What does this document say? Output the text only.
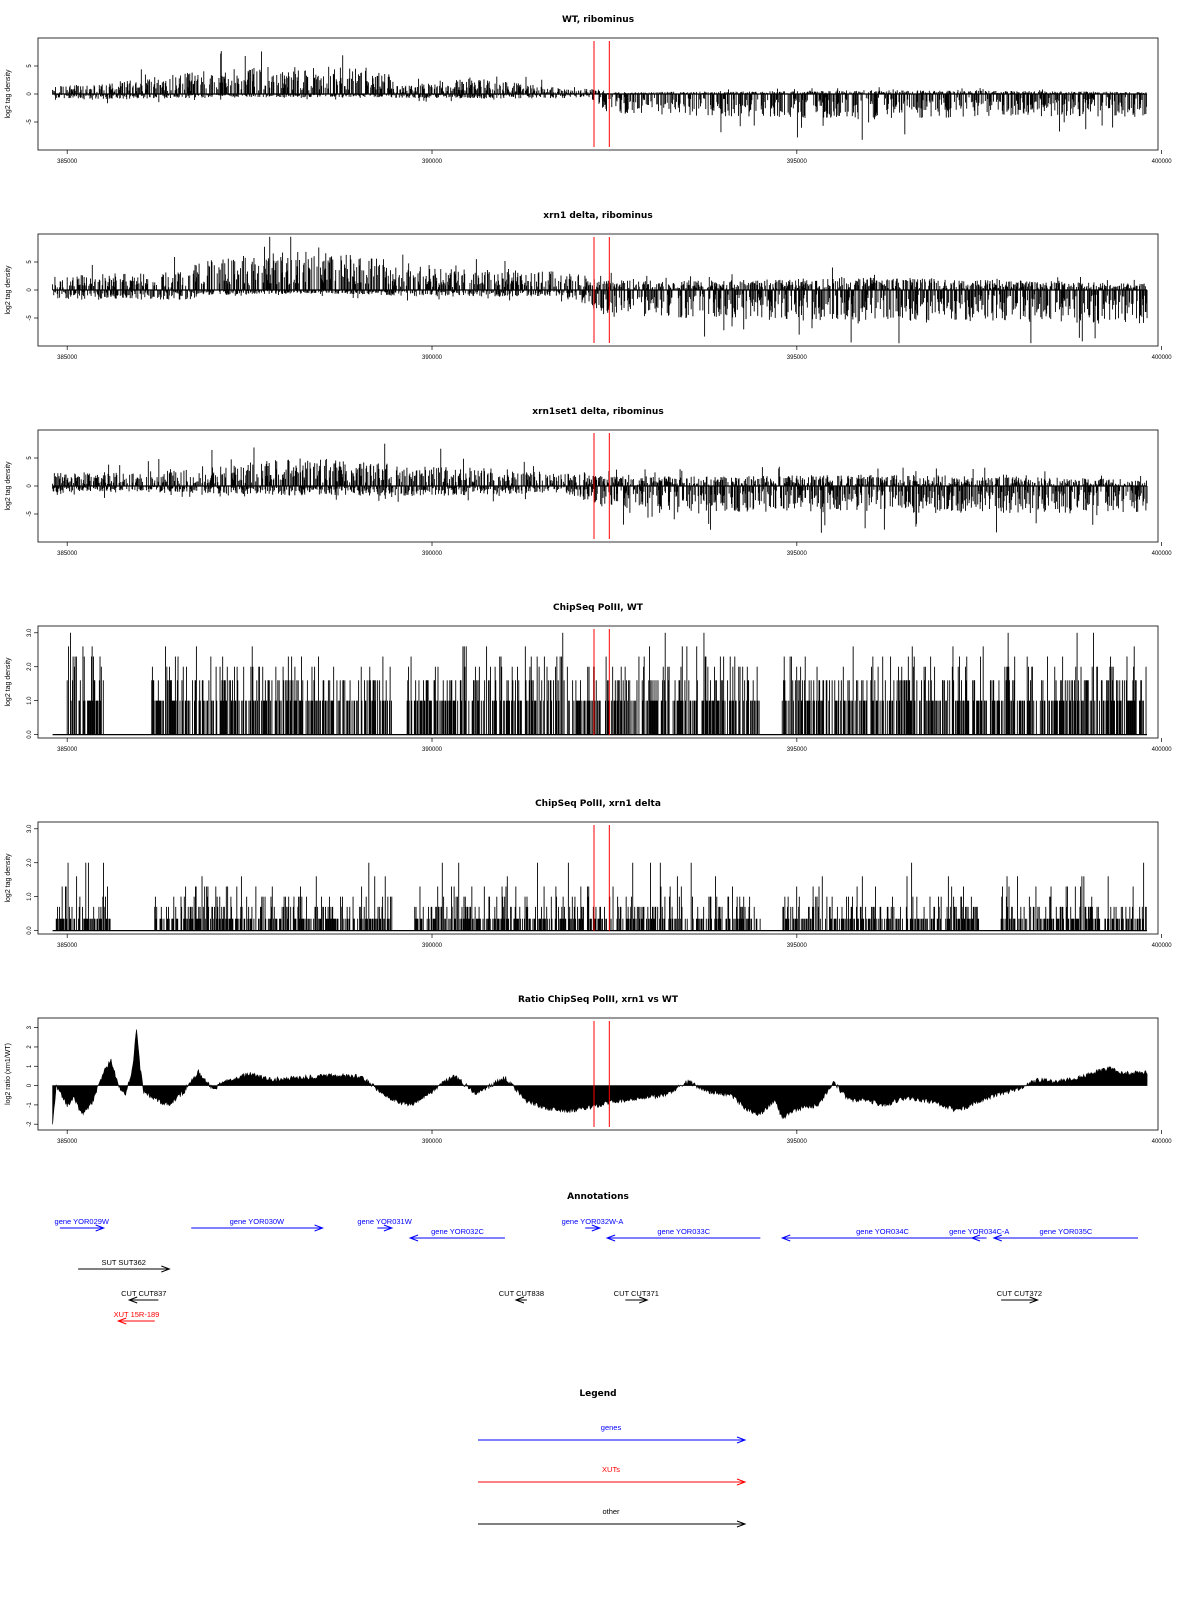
WT, ribominus
log2 tag density
-5
0
5
385000	390000	395000	400000
xrn1 delta, ribominus
log2 tag density
-5
0
5
385000	390000	395000	400000
xrn1set1 delta, ribominus
log2 tag density
-5
0
5
385000	390000	395000	400000
ChipSeq PolII, WT
log2 tag density
0.0
1.0
2.0
3.0
385000	390000	395000	400000
ChipSeq PolII, xrn1 delta
log2 tag density
0.0
1.0
2.0
3.0
385000	390000	395000	400000
Ratio ChipSeq PolII, xrn1 vs WT
log2 ratio (xrn1/WT)
-2
-1
0
1
2
3
385000	390000	395000	400000
Annotations
gene YOR029W	gene YOR030W	gene YOR031W
gene YOR032C
gene YOR032W-A
gene YOR033C	gene YOR034C	gene YOR034C-A	gene YOR035C
SUT SUT362
CUT CUT837
XUT 15R-189
CUT CUT838	CUT CUT371	CUT CUT372
Legend
genes
XUTs
other
